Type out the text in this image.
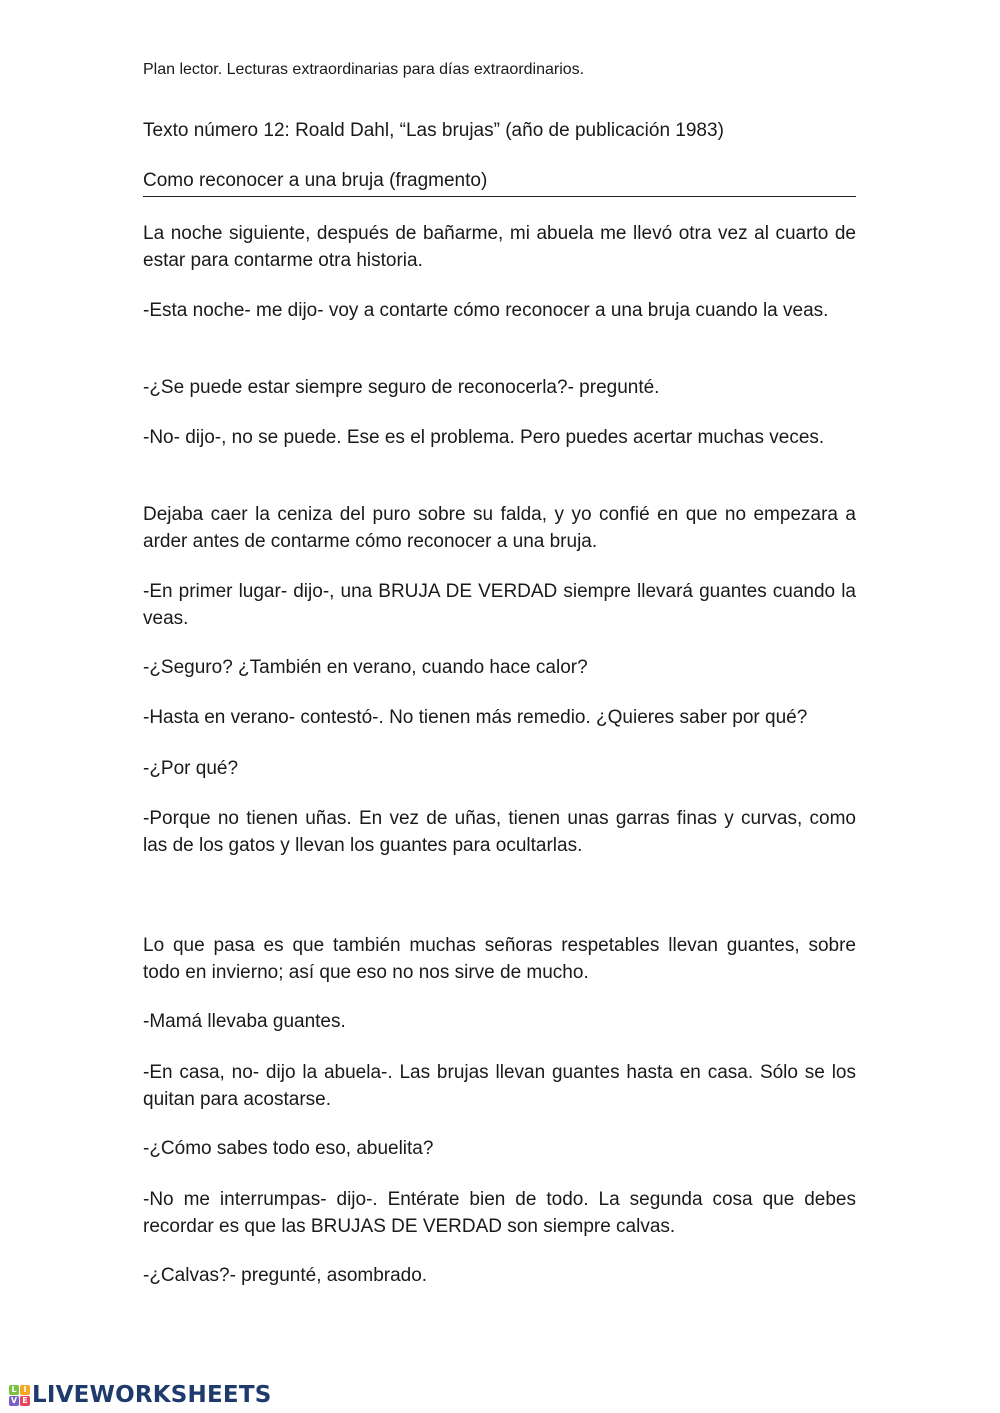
Plan lector. Lecturas extraordinarias para días extraordinarios.
Texto número 12: Roald Dahl, “Las brujas” (año de publicación 1983)
Como reconocer a una bruja (fragmento)

La noche siguiente, después de bañarme, mi abuela me llevó otra vez al cuarto de estar para contarme otra historia.

-Esta noche- me dijo- voy a contarte cómo reconocer a una bruja cuando la veas.

-¿Se puede estar siempre seguro de reconocerla?- pregunté.

-No- dijo-, no se puede. Ese es el problema. Pero puedes acertar muchas veces.

Dejaba caer la ceniza del puro sobre su falda, y yo confié en que no empezara a arder antes de contarme cómo reconocer a una bruja.

-En primer lugar- dijo-, una BRUJA DE VERDAD siempre llevará guantes cuando la veas.

-¿Seguro? ¿También en verano, cuando hace calor?

-Hasta en verano- contestó-. No tienen más remedio. ¿Quieres saber por qué?

-¿Por qué?

-Porque no tienen uñas. En vez de uñas, tienen unas garras finas y curvas, como las de los gatos y llevan los guantes para ocultarlas.

Lo que pasa es que también muchas señoras respetables llevan guantes, sobre todo en invierno; así que eso no nos sirve de mucho.

-Mamá llevaba guantes.

-En casa, no- dijo la abuela-. Las brujas llevan guantes hasta en casa. Sólo se los quitan para acostarse.

-¿Cómo sabes todo eso, abuelita?

-No me interrumpas- dijo-. Entérate bien de todo. La segunda cosa que debes recordar es que las BRUJAS DE VERDAD son siempre calvas.

-¿Calvas?- pregunté, asombrado.

L I
V E LIVEWORKSHEETS
